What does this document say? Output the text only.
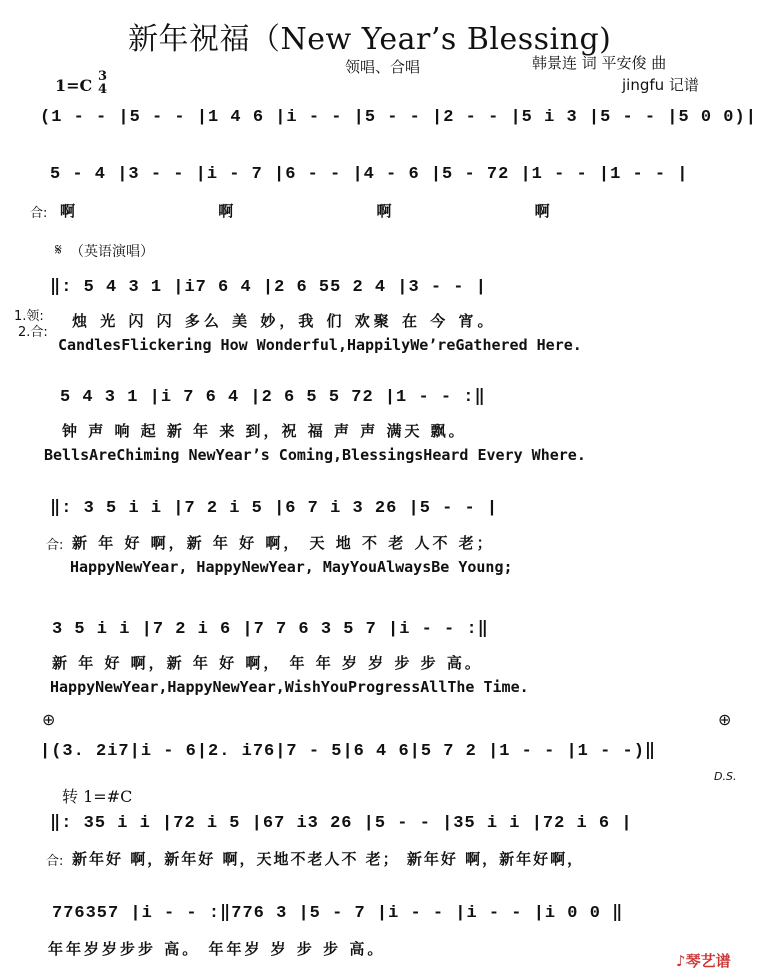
新年祝福（New Year’s Blessing)
领唱、合唱	韩景连 词 平安俊 曲
jingfu 记谱
1=C 3
4
(1 - - |5 - - |1 4 6 |i - - |5 - - |2 - - |5 i 3 |5 - - |5 0 0)|
5 - 4 |3 - - |i - 7 |6 - - |4 - 6 |5 - 72 |1 - - |1 - - |
合: 啊 啊 啊 啊
𝄋 （英语演唱）
‖: 5 4 3 1 |i7 6 4 |2 6 55 2 4 |3 - - |
1.领:
2.合:
烛 光 闪 闪 多么 美 妙，我 们 欢聚 在 今 宵。
CandlesFlickering How Wonderful,HappilyWe’reGathered Here.
5 4 3 1 |i 7 6 4 |2 6 5 5 72 |1 - - :‖
钟 声 响 起 新 年 来 到，祝 福 声 声 满天 飘。
BellsAreChiming NewYear’s Coming,BlessingsHeard Every Where.
‖: 3 5 i i |7 2 i 5 |6 7 i 3 26 |5 - - |
合: 新 年 好 啊，新 年 好 啊， 天 地 不 老 人不 老；
HappyNewYear, HappyNewYear, MayYouAlwaysBe Young;
3 5 i i |7 2 i 6 |7 7 6 3 5 7 |i - - :‖
新 年 好 啊，新 年 好 啊， 年 年 岁 岁 步 步 高。
HappyNewYear,HappyNewYear,WishYouProgressAllThe Time.
⊕	⊕
|(3. 2i7|i - 6|2. i76|7 - 5|6 4 6|5 7 2 |1 - - |1 - -)‖
D.S.
转 1=#C
‖: 35 i i |72 i 5 |67 i3 26 |5 - - |35 i i |72 i 6 |
合: 新年好 啊，新年好 啊，天地不老人不 老； 新年好 啊，新年好啊，
776357 |i - - :‖776 3 |5 - 7 |i - - |i - - |i 0 0 ‖
年年岁岁步步 高。 年年岁 岁 步 步 高。
♪琴艺谱
